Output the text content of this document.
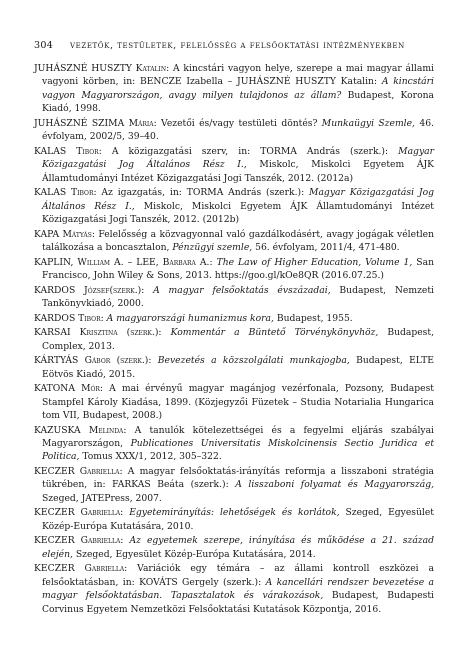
304	vezetők, testületek, felelősség a felsőoktatási intézményekben

JUHÁSZNÉ HUSZTY Katalin: A kincstári vagyon helye, szerepe a mai magyar állami vagyoni körben, in: BENCZE Izabella – JUHÁSZNÉ HUSZTY Katalin: A kincstári vagyon Magyarországon, avagy milyen tulajdonos az állam? Budapest, Korona Kiadó, 1998.

JUHÁSZNÉ SZIMA Mária: Vezetői és/vagy testületi döntés? Munkaügyi Szemle, 46. évfolyam, 2002/5, 39–40.

KALAS Tibor: A közigazgatási szerv, in: TORMA András (szerk.): Magyar Közigazgatási Jog Általános Rész I., Miskolc, Miskolci Egyetem ÁJK Államtudományi Intézet Közigazgatási Jogi Tanszék, 2012. (2012a)

KALAS Tibor: Az igazgatás, in: TORMA András (szerk.): Magyar Közigazgatási Jog Általános Rész I., Miskolc, Miskolci Egyetem ÁJK Államtudományi Intézet Közigazgatási Jogi Tanszék, 2012. (2012b)

KAPA Mátyás: Felelősség a közvagyonnal való gazdálkodásért, avagy jogágak véletlen találkozása a boncasztalon, Pénzügyi szemle, 56. évfolyam, 2011/4, 471-480.

KAPLIN, William A. – LEE, Barbara A.: The Law of Higher Education, Volume 1, San Francisco, John Wiley & Sons, 2013. https://goo.gl/kOe8QR (2016.07.25.)

KARDOS József(szerk.): A magyar felsőoktatás évszázadai, Budapest, Nemzeti Tankönyvkiadó, 2000.

KARDOS Tibor: A magyarországi humanizmus kora, Budapest, 1955.

KARSAI Krisztina (szerk.): Kommentár a Büntető Törvénykönyvhöz, Budapest, Complex, 2013.

KÁRTYÁS Gábor (szerk.): Bevezetés a közszolgálati munkajogba, Budapest, ELTE Eötvös Kiadó, 2015.

KATONA Mór: A mai érvényű magyar magánjog vezérfonala, Pozsony, Budapest Stampfel Károly Kiadása, 1899. (Közjegyzői Füzetek – Studia Notarialia Hungarica tom VII, Budapest, 2008.)

KAZUSKA Melinda: A tanulók kötelezettségei és a fegyelmi eljárás szabályai Magyarországon, Publicationes Universitatis Miskolcinensis Sectio Juridica et Politica, Tomus XXX/1, 2012, 305–322.

KECZER Gabriella: A magyar felsőoktatás-irányítás reformja a lisszaboni stratégia tükrében, in: FARKAS Beáta (szerk.): A lisszaboni folyamat és Magyarország, Szeged, JATEPress, 2007.

KECZER Gabriella: Egyetemirányítás: lehetőségek és korlátok, Szeged, Egyesület Közép-Európa Kutatására, 2010.

KECZER Gabriella: Az egyetemek szerepe, irányítása és működése a 21. század elején, Szeged, Egyesület Közép-Európa Kutatására, 2014.

KECZER Gabriella: Variációk egy témára – az állami kontroll eszközei a felsőoktatásban, in: KOVÁTS Gergely (szerk.): A kancellári rendszer bevezetése a magyar felsőoktatásban. Tapasztalatok és várakozások, Budapest, Budapesti Corvinus Egyetem Nemzetközi Felsőoktatási Kutatások Központja, 2016.
